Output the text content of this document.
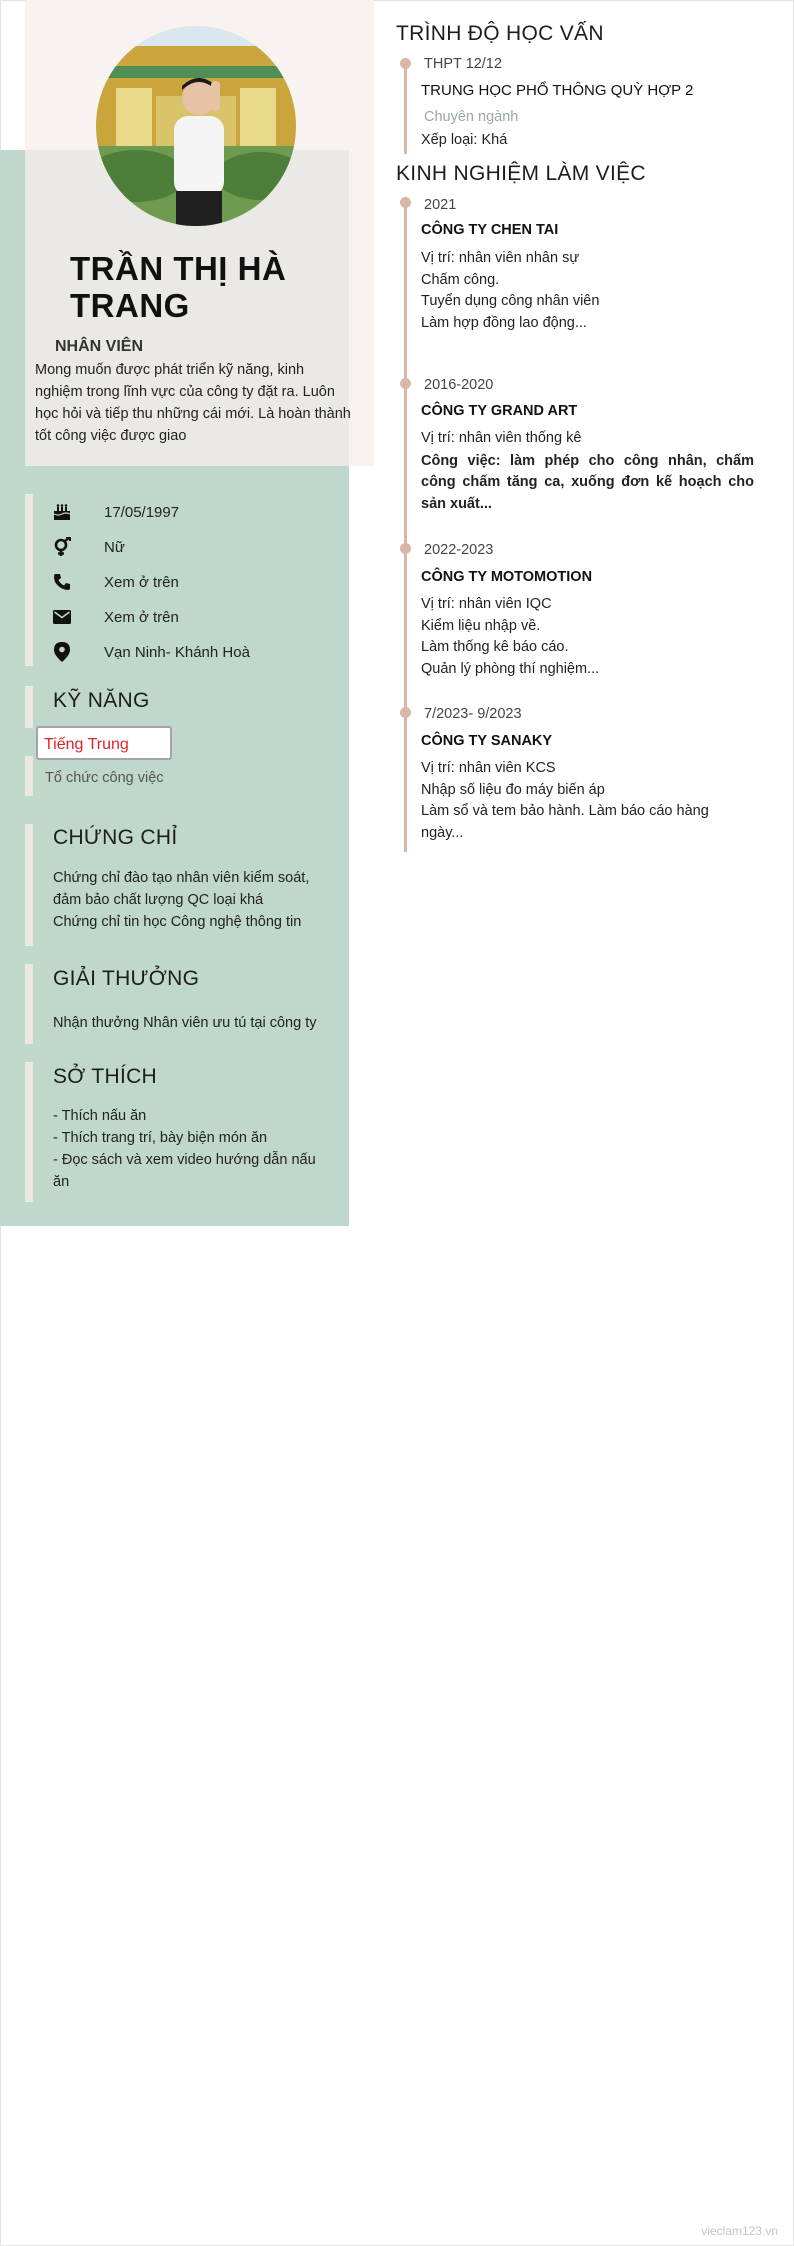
TRẦN THỊ HÀ
TRANG
NHÂN VIÊN
Mong muốn được phát triển kỹ năng, kinh nghiệm trong lĩnh vực của công ty đặt ra. Luôn học hỏi và tiếp thu những cái mới. Là hoàn thành tốt công việc được giao
17/05/1997
Nữ
Xem ở trên
Xem ở trên
Vạn Ninh- Khánh Hoà
KỸ NĂNG
Tiếng Trung
Tổ chức công việc
CHỨNG CHỈ
Chứng chỉ đào tạo nhân viên kiểm soát,
đảm bảo chất lượng QC loại khá
Chứng chỉ tin học Công nghệ thông tin
GIẢI THƯỞNG
Nhận thưởng Nhân viên ưu tú tại công ty
SỞ THÍCH
- Thích nấu ăn
- Thích trang trí, bày biện món ăn
- Đọc sách và xem video hướng dẫn nấu
ăn
TRÌNH ĐỘ HỌC VẤN
THPT 12/12
TRUNG HỌC PHỔ THÔNG QUỲ HỢP 2
Chuyên ngành
Xếp loại: Khá
KINH NGHIỆM LÀM VIỆC
2021
CÔNG TY CHEN TAI
Vị trí: nhân viên nhân sự
Chấm công.
Tuyển dụng công nhân viên
Làm hợp đồng lao động...
2016-2020
CÔNG TY GRAND ART
Vị trí: nhân viên thống kê
Công việc: làm phép cho công nhân, chấm công chấm tăng ca, xuống đơn kế hoạch cho sản xuất...
2022-2023
CÔNG TY MOTOMOTION
Vị trí: nhân viên IQC
Kiểm liệu nhập về.
Làm thống kê báo cáo.
Quản lý phòng thí nghiệm...
7/2023- 9/2023
CÔNG TY SANAKY
Vị trí: nhân viên KCS
Nhập số liệu đo máy biến áp
Làm sổ và tem bảo hành. Làm báo cáo hàng ngày...
vieclam123.vn
